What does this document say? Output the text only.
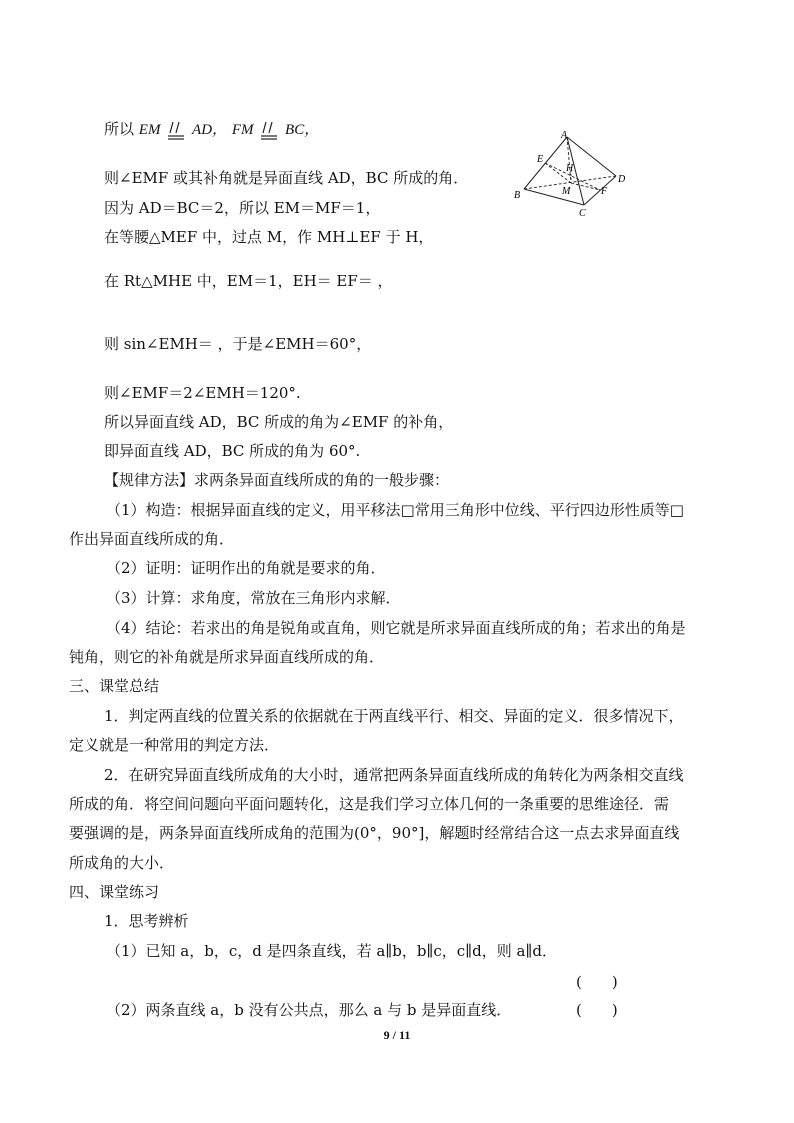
所以 EM AD， FM BC，
则∠EMF 或其补角就是异面直线 AD，BC 所成的角．
因为 AD＝BC＝2，所以 EM＝MF＝1，
在等腰△MEF 中，过点 M，作 MH⊥EF 于 H，
在 Rt△MHE 中，EM＝1，EH＝ EF＝ ，
则 sin∠EMH＝ ，于是∠EMH＝60°，
则∠EMF＝2∠EMH＝120°.
所以异面直线 AD，BC 所成的角为∠EMF 的补角，
即异面直线 AD，BC 所成的角为 60°.
【规律方法】求两条异面直线所成的角的一般步骤：
（1）构造：根据异面直线的定义，用平移法□常用三角形中位线、平行四边形性质等□
作出异面直线所成的角．
（2）证明：证明作出的角就是要求的角．
（3）计算：求角度，常放在三角形内求解．
（4）结论：若求出的角是锐角或直角，则它就是所求异面直线所成的角；若求出的角是
钝角，则它的补角就是所求异面直线所成的角．
三、课堂总结
1．判定两直线的位置关系的依据就在于两直线平行、相交、异面的定义．很多情况下，
定义就是一种常用的判定方法．
2．在研究异面直线所成角的大小时，通常把两条异面直线所成的角转化为两条相交直线
所成的角．将空间问题向平面问题转化，这是我们学习立体几何的一条重要的思维途径．需
要强调的是，两条异面直线所成角的范围为(0°，90°]，解题时经常结合这一点去求异面直线
所成角的大小．
四、课堂练习
1．思考辨析
（1）已知 a，b，c，d 是四条直线，若 a∥b，b∥c，c∥d，则 a∥d．
(　　)
（2）两条直线 a，b 没有公共点，那么 a 与 b 是异面直线．	(　　)
A
B
C
D
E
F
H
M
9 / 11
